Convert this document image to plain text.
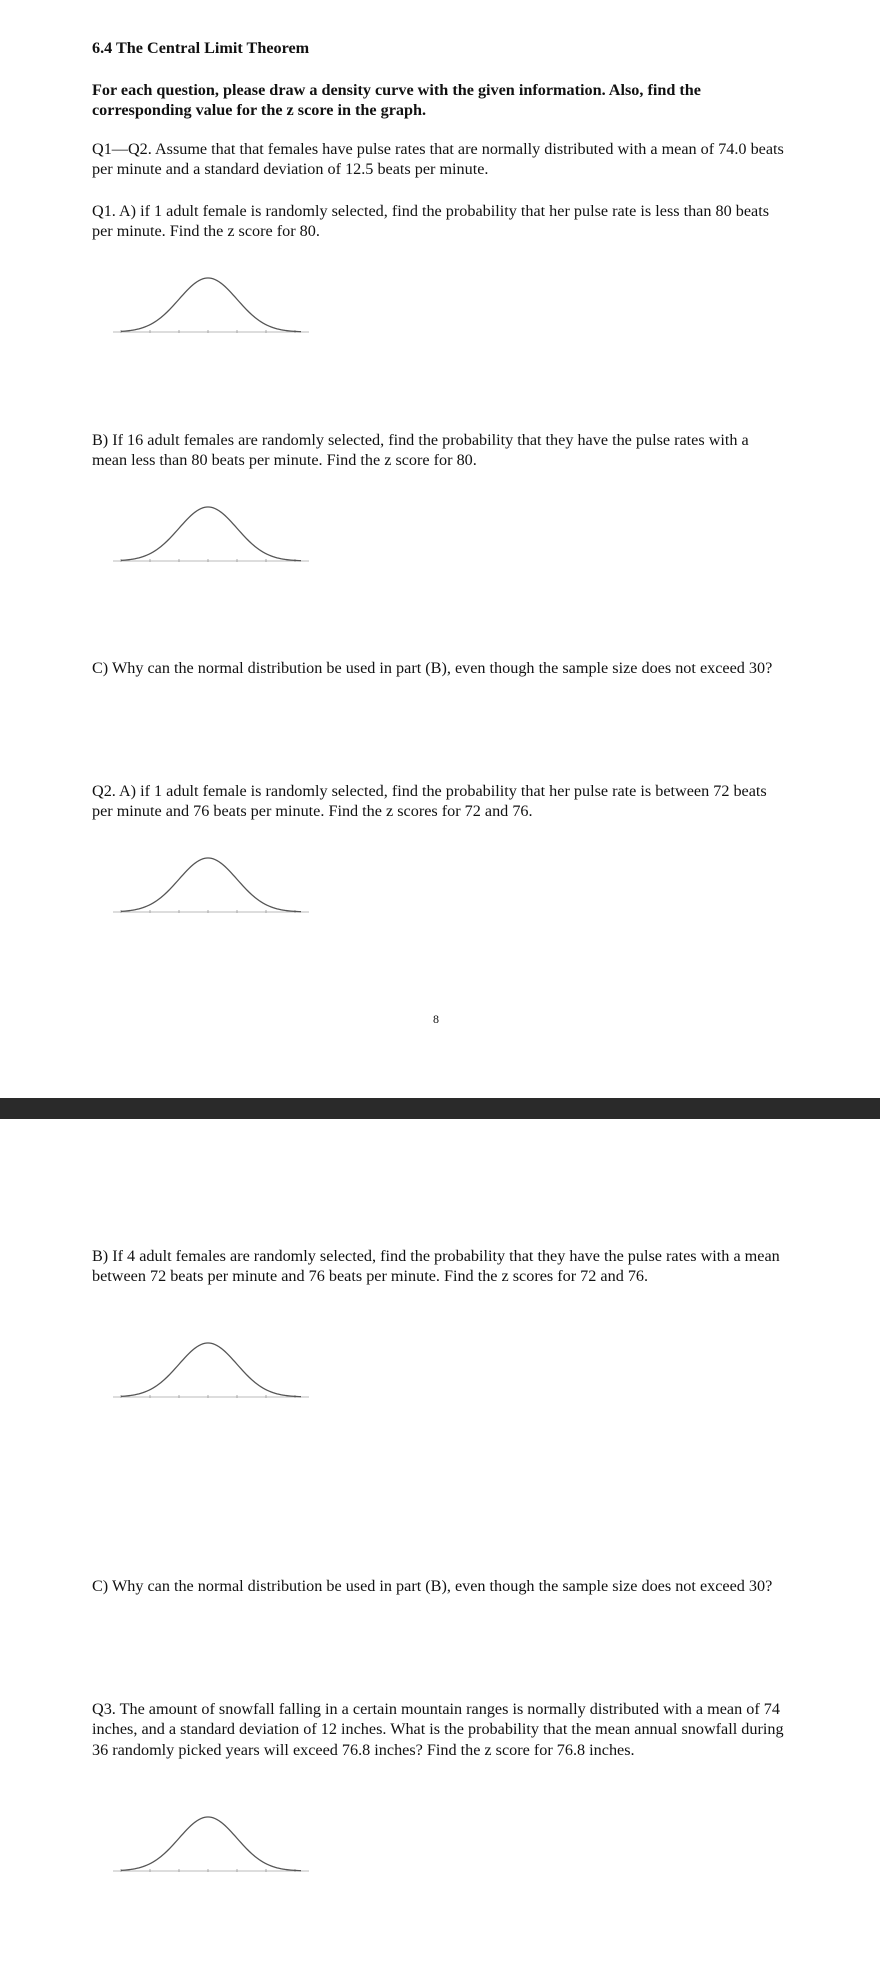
6.4 The Central Limit Theorem

For each question, please draw a density curve with the given information. Also, find the corresponding value for the z score in the graph.

Q1—Q2. Assume that that females have pulse rates that are normally distributed with a mean of 74.0 beats per minute and a standard deviation of 12.5 beats per minute.

Q1. A) if 1 adult female is randomly selected, find the probability that her pulse rate is less than 80 beats per minute. Find the z score for 80.

B) If 16 adult females are randomly selected, find the probability that they have the pulse rates with a mean less than 80 beats per minute. Find the z score for 80.

C) Why can the normal distribution be used in part (B), even though the sample size does not exceed 30?

Q2. A) if 1 adult female is randomly selected, find the probability that her pulse rate is between 72 beats per minute and 76 beats per minute. Find the z scores for 72 and 76.

8

B) If 4 adult females are randomly selected, find the probability that they have the pulse rates with a mean between 72 beats per minute and 76 beats per minute. Find the z scores for 72 and 76.

C) Why can the normal distribution be used in part (B), even though the sample size does not exceed 30?

Q3. The amount of snowfall falling in a certain mountain ranges is normally distributed with a mean of 74 inches, and a standard deviation of 12 inches. What is the probability that the mean annual snowfall during 36 randomly picked years will exceed 76.8 inches? Find the z score for 76.8 inches.
